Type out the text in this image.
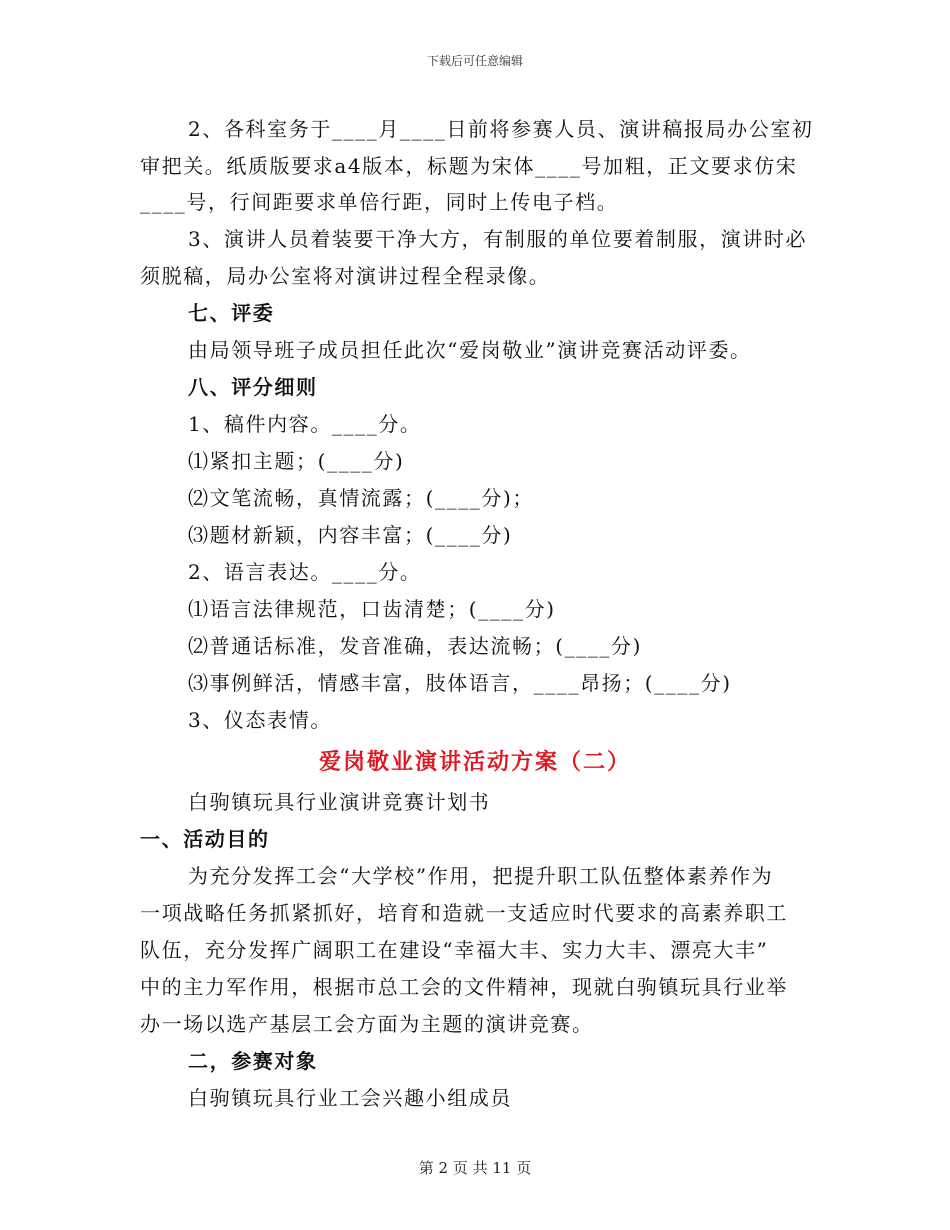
下载后可任意编辑
2、各科室务于____月____日前将参赛人员、演讲稿报局办公室初
审把关。纸质版要求a4版本，标题为宋体____号加粗，正文要求仿宋
____号，行间距要求单倍行距，同时上传电子档。
3、演讲人员着装要干净大方，有制服的单位要着制服，演讲时必
须脱稿，局办公室将对演讲过程全程录像。
七、评委
由局领导班子成员担任此次“爱岗敬业”演讲竞赛活动评委。
八、评分细则
1、稿件内容。____分。
⑴紧扣主题；(____分)
⑵文笔流畅，真情流露；(____分)；
⑶题材新颖，内容丰富；(____分)
2、语言表达。____分。
⑴语言法律规范，口齿清楚；(____分)
⑵普通话标准，发音准确，表达流畅；(____分)
⑶事例鲜活，情感丰富，肢体语言，____昂扬；(____分)
3、仪态表情。
爱岗敬业演讲活动方案（二）
白驹镇玩具行业演讲竞赛计划书
一、活动目的
为充分发挥工会“大学校”作用，把提升职工队伍整体素养作为
一项战略任务抓紧抓好，培育和造就一支适应时代要求的高素养职工
队伍，充分发挥广阔职工在建设“幸福大丰、实力大丰、漂亮大丰”
中的主力军作用，根据市总工会的文件精神，现就白驹镇玩具行业举
办一场以选产基层工会方面为主题的演讲竞赛。
二，参赛对象
白驹镇玩具行业工会兴趣小组成员
第 2 页 共 11 页
